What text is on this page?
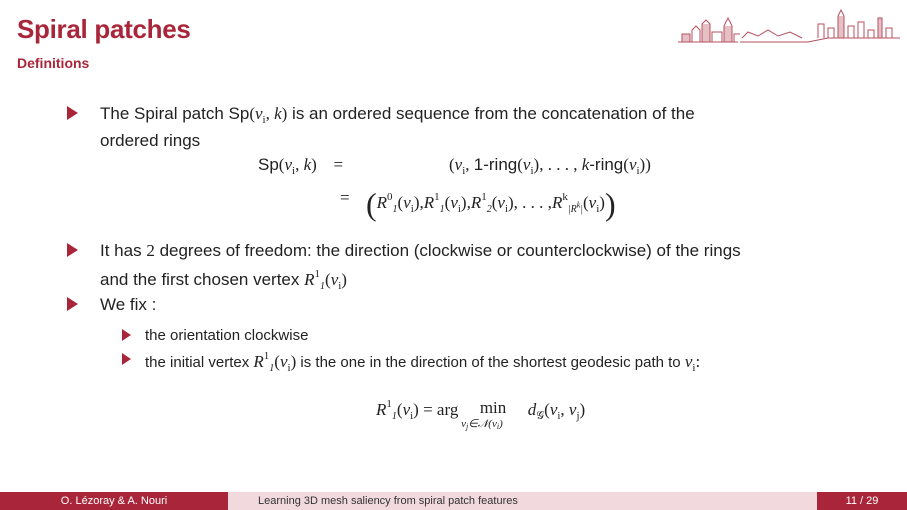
Spiral patches
Definitions
The Spiral patch $Sp(v_i$, k) is an ordered sequence from the concatenation of the
ordered rings
$Sp(v_i$, k) =	($v_i$, $1-ring(v_i)$, . . . , $k-ring(v_i)$)
= ($R^0_1(v_i),R^1_1(v_i),R^1_2(v_i)$, . . . $,R^k_{|R^k|}(v_i)$)
It has 2 degrees of freedom: the direction (clockwise or counterclockwise) of the rings
and the first chosen vertex $R^1_1(v_i)$
We fix :
the orientation clockwise
the initial vertex $R^1_1(v_i)$ is the one in the direction of the shortest geodesic path to $v_i$:
$R^1_1(v_i)$ = arg min
vj∈𝒩(vi)
$d_𝒢(v_i$, $v_j$)
O. Lézoray & A. Nouri	Learning 3D mesh saliency from spiral patch features	11 / 29
